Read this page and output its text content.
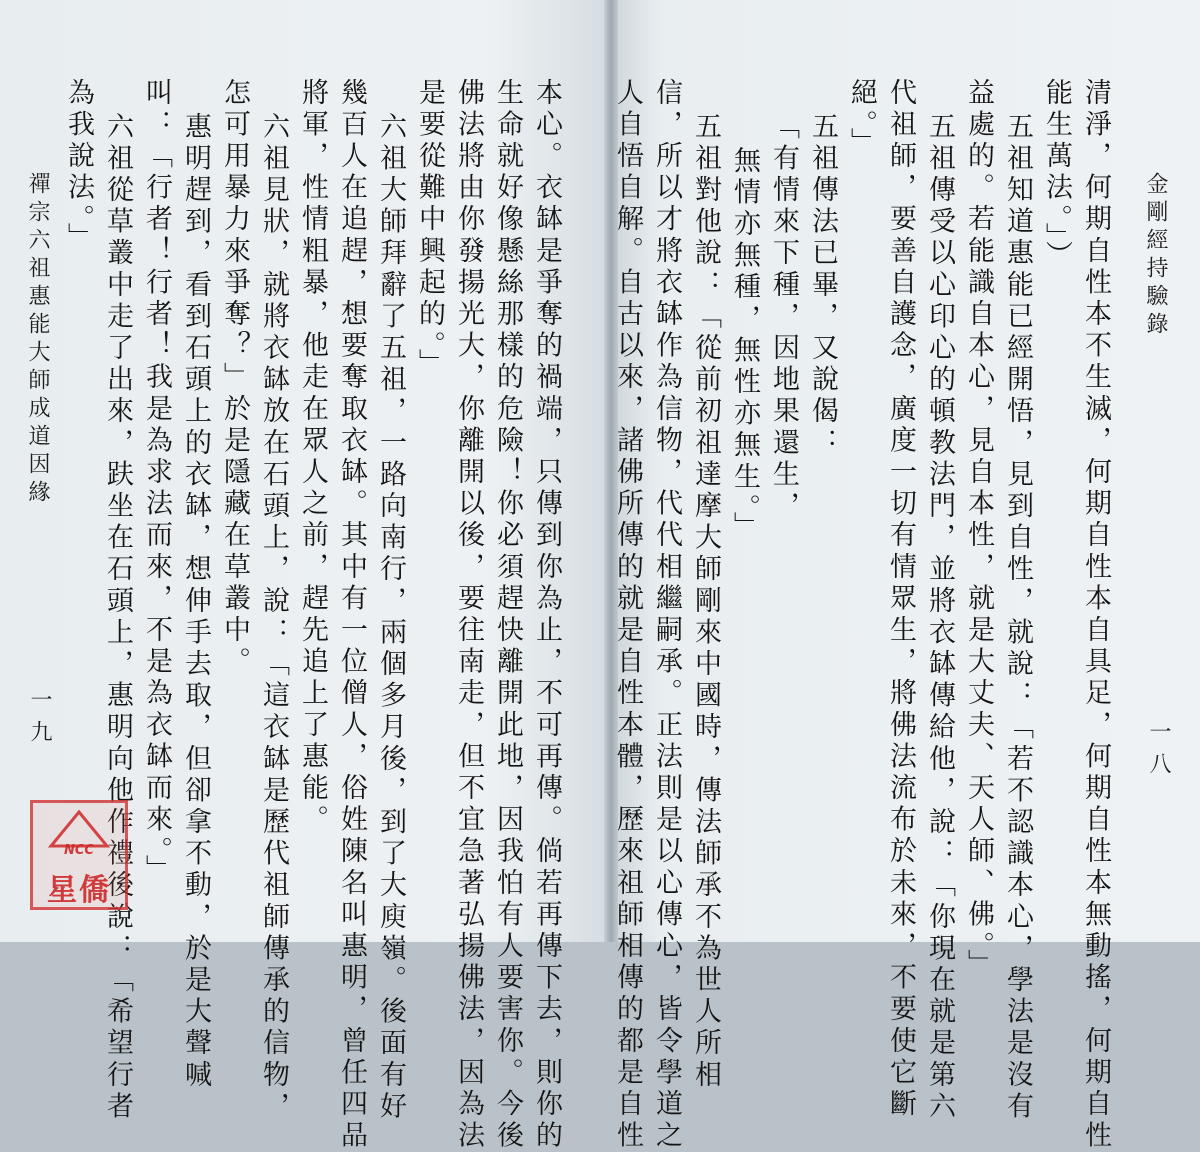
金剛經持驗錄
一八
清淨，何期自性本不生滅，何期自性本自具足，何期自性本無動搖，何期自性
能生萬法。」）
五祖知道惠能已經開悟，見到自性，就說：「若不認識本心，學法是沒有
益處的。若能識自本心，見自本性，就是大丈夫、天人師、佛。」
五祖傳受以心印心的頓教法門，並將衣缽傳給他，說：「你現在就是第六
代祖師，要善自護念，廣度一切有情眾生，將佛法流布於未來，不要使它斷
絕。」
五祖傳法已畢，又說偈：
「有情來下種，因地果還生，
無情亦無種，無性亦無生。」
五祖對他說：「從前初祖達摩大師剛來中國時，傳法師承不為世人所相
信，所以才將衣缽作為信物，代代相繼嗣承。正法則是以心傳心，皆令學道之
人自悟自解。自古以來，諸佛所傳的就是自性本體，歷來祖師相傳的都是自性
本心。衣缽是爭奪的禍端，只傳到你為止，不可再傳。倘若再傳下去，則你的
生命就好像懸絲那樣的危險！你必須趕快離開此地，因我怕有人要害你。今後
佛法將由你發揚光大，你離開以後，要往南走，但不宜急著弘揚佛法，因為法
是要從難中興起的。」
六祖大師拜辭了五祖，一路向南行，兩個多月後，到了大庾嶺。後面有好
幾百人在追趕，想要奪取衣缽。其中有一位僧人，俗姓陳名叫惠明，曾任四品
將軍，性情粗暴，他走在眾人之前，趕先追上了惠能。
六祖見狀，就將衣缽放在石頭上，說：「這衣缽是歷代祖師傳承的信物，
怎可用暴力來爭奪？」於是隱藏在草叢中。
惠明趕到，看到石頭上的衣缽，想伸手去取，但卻拿不動，於是大聲喊
叫：「行者！行者！我是為求法而來，不是為衣缽而來。」
六祖從草叢中走了出來，趺坐在石頭上，惠明向他作禮後說：「希望行者
為我說法。」
禪宗六祖惠能大師成道因緣
一九
NCC
星僑
